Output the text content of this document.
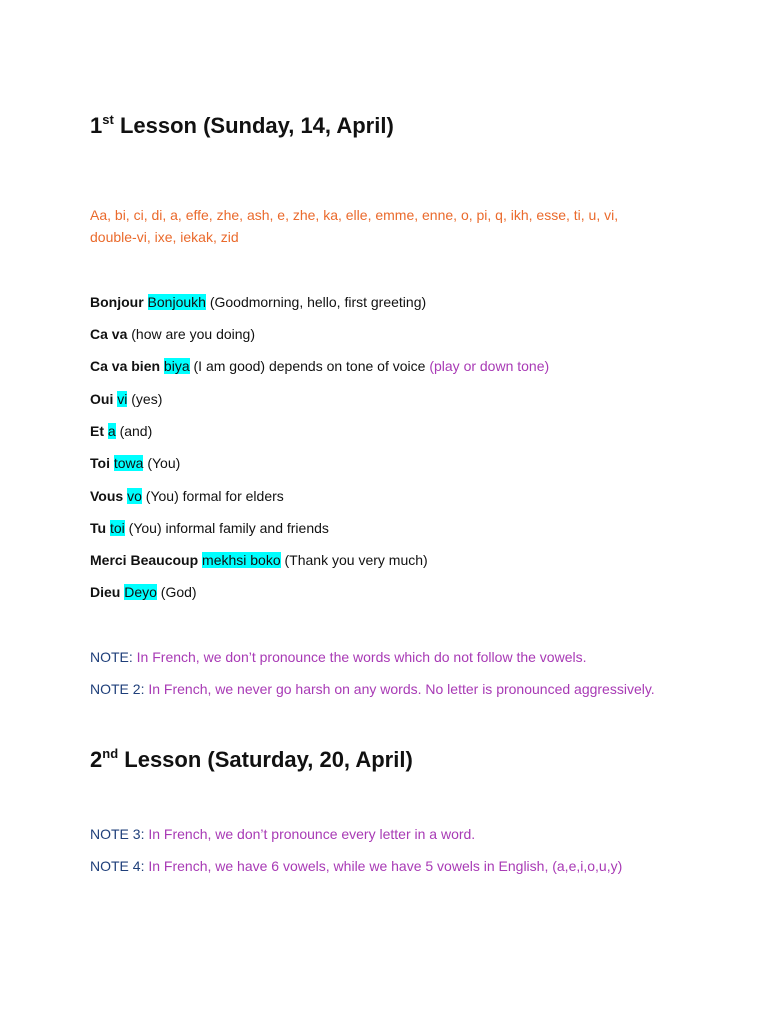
1st Lesson (Sunday, 14, April)

Aa, bi, ci, di, a, effe, zhe, ash, e, zhe, ka, elle, emme, enne, o, pi, q, ikh, esse, ti, u, vi, double-vi, ixe, iekak, zid

Bonjour Bonjoukh (Goodmorning, hello, first greeting)

Ca va (how are you doing)

Ca va bien biya (I am good) depends on tone of voice (play or down tone)

Oui vi (yes)

Et a (and)

Toi towa (You)

Vous vo (You) formal for elders

Tu toi (You) informal family and friends

Merci Beaucoup mekhsi boko (Thank you very much)

Dieu Deyo (God)

NOTE: In French, we don’t pronounce the words which do not follow the vowels.

NOTE 2: In French, we never go harsh on any words. No letter is pronounced aggressively.

2nd Lesson (Saturday, 20, April)

NOTE 3: In French, we don’t pronounce every letter in a word.

NOTE 4: In French, we have 6 vowels, while we have 5 vowels in English, (a,e,i,o,u,y)
